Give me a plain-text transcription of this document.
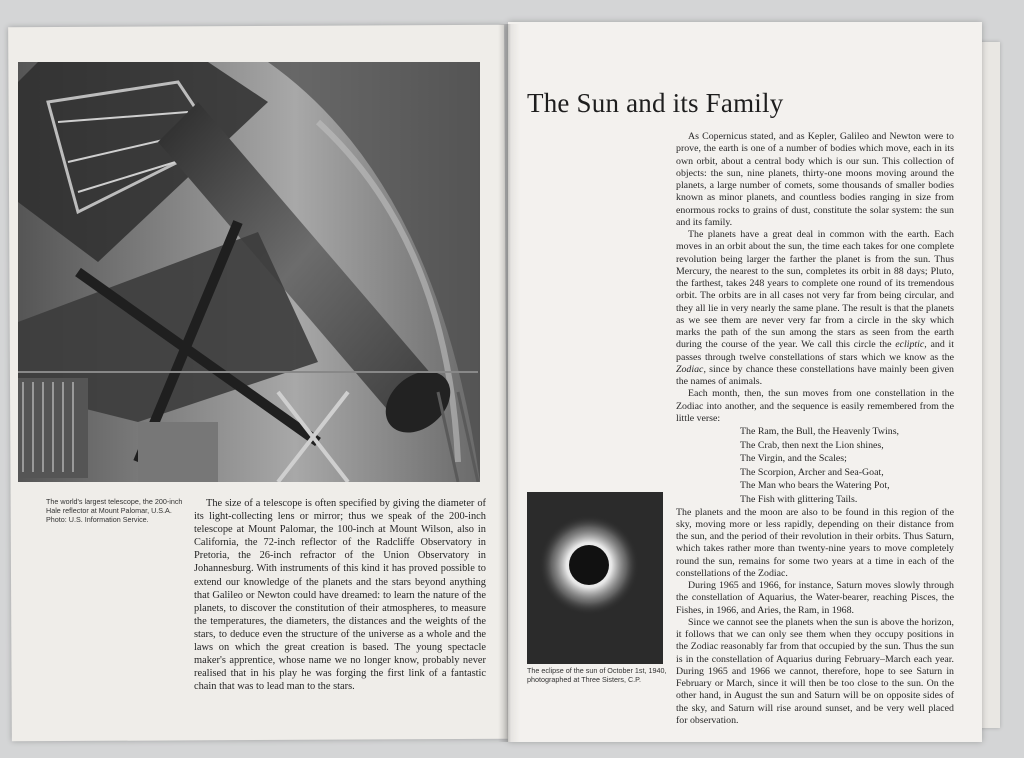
The world's largest telescope, the 200-inch Hale reflector at Mount Palomar, U.S.A. Photo: U.S. Information Service.

The size of a telescope is often specified by giving the diameter of its light-collecting lens or mirror; thus we speak of the 200-inch telescope at Mount Palomar, the 100-inch at Mount Wilson, also in California, the 72-inch reflector of the Radcliffe Observatory in Pretoria, the 26-inch refractor of the Union Observatory in Johannesburg. With instruments of this kind it has proved possible to extend our knowledge of the planets and the stars beyond anything that Galileo or Newton could have dreamed: to learn the nature of the planets, to discover the constitution of their atmospheres, to measure the temperatures, the diameters, the distances and the weights of the stars, to deduce even the structure of the universe as a whole and the laws on which the great creation is based. The young spectacle maker's apprentice, whose name we no longer know, probably never realised that in his play he was forging the first link of a fantastic chain that was to lead man to the stars.

The Sun and its Family

As Copernicus stated, and as Kepler, Galileo and Newton were to prove, the earth is one of a number of bodies which move, each in its own orbit, about a central body which is our sun. This collection of objects: the sun, nine planets, thirty-one moons moving around the planets, a large number of comets, some thousands of smaller bodies known as minor planets, and countless bodies ranging in size from enormous rocks to grains of dust, constitute the solar system: the sun and its family.

The planets have a great deal in common with the earth. Each moves in an orbit about the sun, the time each takes for one complete revolution being larger the farther the planet is from the sun. Thus Mercury, the nearest to the sun, completes its orbit in 88 days; Pluto, the farthest, takes 248 years to complete one round of its tremendous orbit. The orbits are in all cases not very far from being circular, and they all lie in very nearly the same plane. The result is that the planets as we see them are never very far from a circle in the sky which marks the path of the sun among the stars as seen from the earth during the course of the year. We call this circle the ecliptic, and it passes through twelve constellations of stars which we know as the Zodiac, since by chance these constellations have mainly been given the names of animals.

Each month, then, the sun moves from one constellation in the Zodiac into another, and the sequence is easily remembered from the little verse:

The Ram, the Bull, the Heavenly Twins,
The Crab, then next the Lion shines,
The Virgin, and the Scales;
The Scorpion, Archer and Sea-Goat,
The Man who bears the Watering Pot,
The Fish with glittering Tails.

The planets and the moon are also to be found in this region of the sky, moving more or less rapidly, depending on their distance from the sun, and the period of their revolution in their orbits. Thus Saturn, which takes rather more than twenty-nine years to move completely round the sun, remains for some two years at a time in each of the constellations of the Zodiac.

During 1965 and 1966, for instance, Saturn moves slowly through the constellation of Aquarius, the Water-bearer, reaching Pisces, the Fishes, in 1966, and Aries, the Ram, in 1968.

Since we cannot see the planets when the sun is above the horizon, it follows that we can only see them when they occupy positions in the Zodiac reasonably far from that occupied by the sun. Thus the sun is in the constellation of Aquarius during February–March each year. During 1965 and 1966 we cannot, therefore, hope to see Saturn in February or March, since it will then be too close to the sun. On the other hand, in August the sun and Saturn will be on opposite sides of the sky, and Saturn will rise around sunset, and be very well placed for observation.

The eclipse of the sun of October 1st, 1940, photographed at Three Sisters, C.P.
